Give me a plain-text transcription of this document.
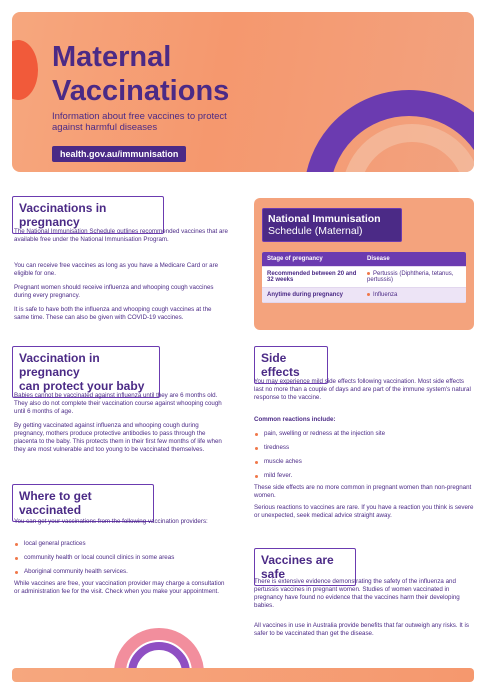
Maternal
Vaccinations
Information about free vaccines to protect against harmful diseases
health.gov.au/immunisation
Vaccinations in pregnancy
The National Immunisation Schedule outlines recommended vaccines that are available free under the National Immunisation Program.
You can receive free vaccines as long as you have a Medicare Card or are eligible for one.
Pregnant women should receive influenza and whooping cough vaccines during every pregnancy.
It is safe to have both the influenza and whooping cough vaccines at the same time. These can also be given with COVID-19 vaccines.
National Immunisation
Schedule (Maternal)
Stage of pregnancy	Disease
Recommended between 20 and 32 weeks
Pertussis (Diphtheria, tetanus, pertussis)
Anytime during pregnancy	Influenza
Vaccination in pregnancy
can protect your baby
Babies cannot be vaccinated against influenza until they are 6 months old. They also do not complete their vaccination course against whooping cough until 6 months of age.
By getting vaccinated against influenza and whooping cough during pregnancy, mothers produce protective antibodies to pass through the placenta to the baby. This protects them in their first few months of life when they are most vulnerable and too young to be vaccinated themselves.
Side effects
You may experience mild side effects following vaccination. Most side effects last no more than a couple of days and are part of the immune system's natural response to the vaccine.
Common reactions include:
pain, swelling or redness at the injection site
tiredness
muscle aches
mild fever.
These side effects are no more common in pregnant women than non-pregnant women.
Serious reactions to vaccines are rare. If you have a reaction you think is severe or unexpected, seek medical advice straight away.
Where to get vaccinated
You can get your vaccinations from the following vaccination providers:
local general practices
community health or local council clinics in some areas
Aboriginal community health services.
While vaccines are free, your vaccination provider may charge a consultation or administration fee for the visit. Check when you make your appointment.
Vaccines are safe
There is extensive evidence demonstrating the safety of the influenza and pertussis vaccines in pregnant women. Studies of women vaccinated in pregnancy have found no evidence that the vaccines harm their developing babies.
All vaccines in use in Australia provide benefits that far outweigh any risks. It is safer to be vaccinated than get the disease.
